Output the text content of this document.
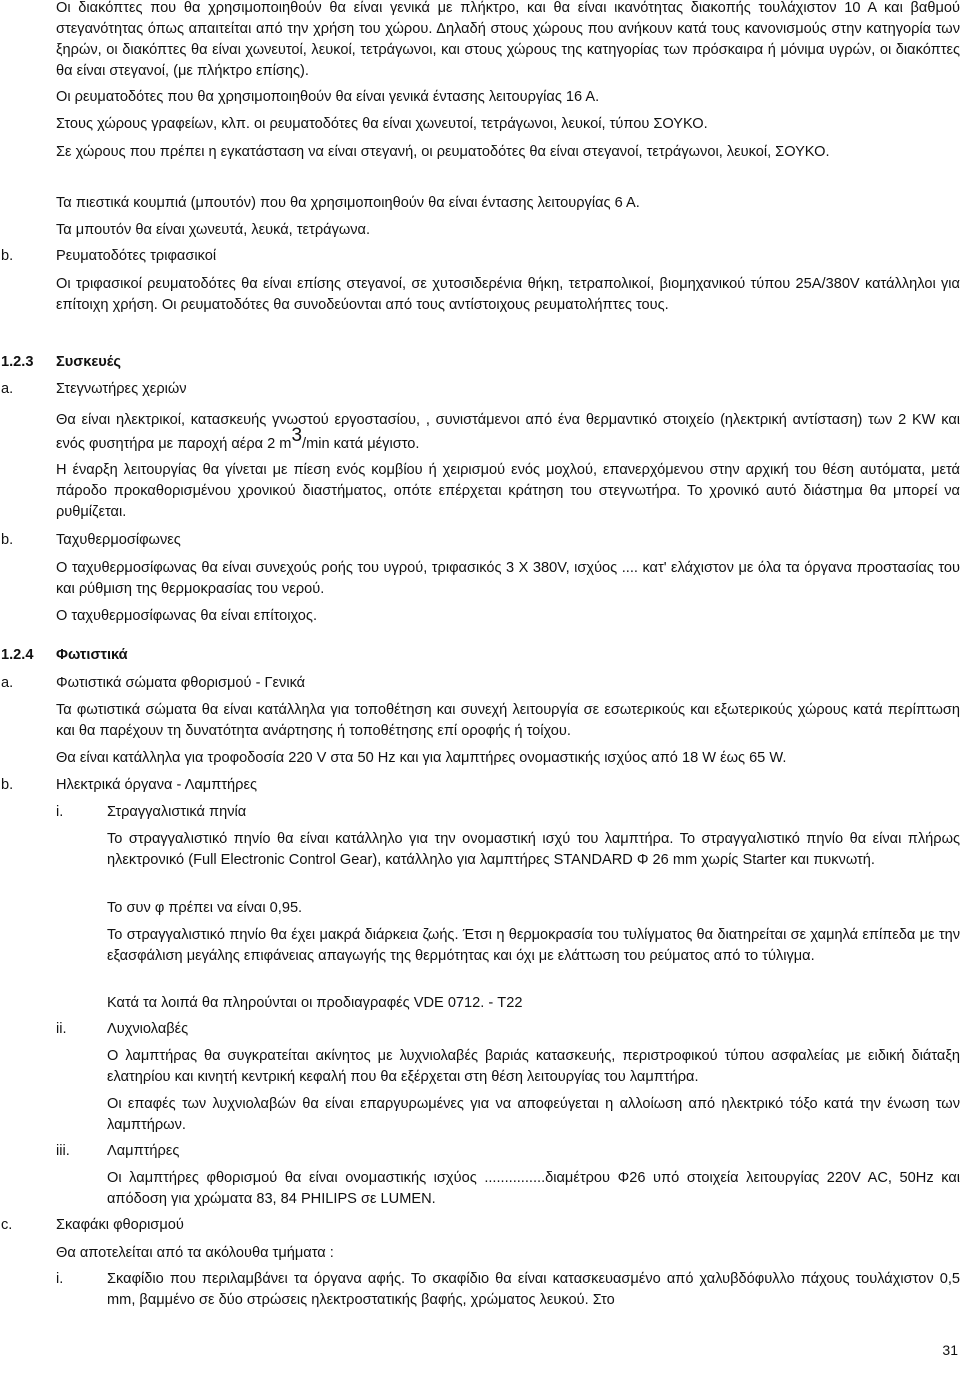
Οι διακόπτες που θα χρησιμοποιηθούν θα είναι γενικά με πλήκτρο, και θα είναι ικανότητας διακοπής τουλάχιστον 10 Α και βαθμού στεγανότητας όπως απαιτείται από την χρήση του χώρου. Δηλαδή στους χώρους που ανήκουν κατά τους κανονισμούς στην κατηγορία των ξηρών, οι διακόπτες θα είναι χωνευτοί, λευκοί, τετράγωνοι, και στους χώρους της κατηγορίας των πρόσκαιρα ή μόνιμα υγρών, οι διακόπτες θα είναι στεγανοί, (με πλήκτρο επίσης).

Οι ρευματοδότες που θα χρησιμοποιηθούν θα είναι γενικά έντασης λειτουργίας 16 Α.

Στους χώρους γραφείων, κλπ. οι ρευματοδότες θα είναι χωνευτοί, τετράγωνοι, λευκοί, τύπου ΣΟΥΚΟ.

Σε χώρους που πρέπει η εγκατάσταση να είναι στεγανή, οι ρευματοδότες θα είναι στεγανοί, τετράγωνοι, λευκοί, ΣΟΥΚΟ.

Τα πιεστικά κουμπιά (μπουτόν) που θα χρησιμοποιηθούν θα είναι έντασης λειτουργίας 6 Α.

Τα μπουτόν θα είναι χωνευτά, λευκά, τετράγωνα.

b.	Ρευματοδότες τριφασικοί

Οι τριφασικοί ρευματοδότες θα είναι επίσης στεγανοί, σε χυτοσιδερένια θήκη, τετραπολικοί, βιομηχανικού τύπου 25Α/380V κατάλληλοι για επίτοιχη χρήση. Οι ρευματοδότες θα συνοδεύονται από τους αντίστοιχους ρευματολήπτες τους.

1.2.3 Συσκευές

a.	Στεγνωτήρες χεριών

Θα είναι ηλεκτρικοί, κατασκευής γνωστού εργοστασίου, , συνιστάμενοι από ένα θερμαντικό στοιχείο (ηλεκτρική αντίσταση) των 2 KW και ενός φυσητήρα με παροχή αέρα 2 $m^3/\min$ κατά μέγιστο.

Η έναρξη λειτουργίας θα γίνεται με πίεση ενός κομβίου ή χειρισμού ενός μοχλού, επανερχόμενου στην αρχική του θέση αυτόματα, μετά πάροδο προκαθορισμένου χρονικού διαστήματος, οπότε επέρχεται κράτηση του στεγνωτήρα. Το χρονικό αυτό διάστημα θα μπορεί να ρυθμίζεται.

b.	Ταχυθερμοσίφωνες

Ο ταχυθερμοσίφωνας θα είναι συνεχούς ροής του υγρού, τριφασικός 3 Χ 380V, ισχύος .... κατ' ελάχιστον με όλα τα όργανα προστασίας του και ρύθμιση της θερμοκρασίας του νερού.

Ο ταχυθερμοσίφωνας θα είναι επίτοιχος.

1.2.4 Φωτιστικά

a.	Φωτιστικά σώματα φθορισμού - Γενικά

Τα φωτιστικά σώματα θα είναι κατάλληλα για τοποθέτηση και συνεχή λειτουργία σε εσωτερικούς και εξωτερικούς χώρους κατά περίπτωση και θα παρέχουν τη δυνατότητα ανάρτησης ή τοποθέτησης επί οροφής ή τοίχου.

Θα είναι κατάλληλα για τροφοδοσία 220 V στα 50 Hz και για λαμπτήρες ονομαστικής ισχύος από 18 W έως 65 W.

b.	Ηλεκτρικά όργανα - Λαμπτήρες

i.	Στραγγαλιστικά πηνία

Το στραγγαλιστικό πηνίο θα είναι κατάλληλο για την ονομαστική ισχύ του λαμπτήρα. Το στραγγαλιστικό πηνίο θα είναι πλήρως ηλεκτρονικό (Full Electronic Control Gear), κατάλληλο για λαμπτήρες STANDARD Φ 26 mm χωρίς Starter και πυκνωτή.

Το συν φ πρέπει να είναι 0,95.

Το στραγγαλιστικό πηνίο θα έχει μακρά διάρκεια ζωής. Έτσι η θερμοκρασία του τυλίγματος θα διατηρείται σε χαμηλά επίπεδα με την εξασφάλιση μεγάλης επιφάνειας απαγωγής της θερμότητας και όχι με ελάττωση του ρεύματος από το τύλιγμα.

Κατά τα λοιπά θα πληρούνται οι προδιαγραφές VDE 0712. - Τ22

ii.	Λυχνιολαβές

Ο λαμπτήρας θα συγκρατείται ακίνητος με λυχνιολαβές βαριάς κατασκευής, περιστροφικού τύπου ασφαλείας με ειδική διάταξη ελατηρίου και κινητή κεντρική κεφαλή που θα εξέρχεται στη θέση λειτουργίας του λαμπτήρα.

Οι επαφές των λυχνιολαβών θα είναι επαργυρωμένες για να αποφεύγεται η αλλοίωση από ηλεκτρικό τόξο κατά την ένωση των λαμπτήρων.

iii.	Λαμπτήρες

Οι λαμπτήρες φθορισμού θα είναι ονομαστικής ισχύος ...............διαμέτρου Φ26 υπό στοιχεία λειτουργίας 220V AC, 50Hz και απόδοση για χρώματα 83, 84 PHILIPS σε LUMEN.

c.	Σκαφάκι φθορισμού

Θα αποτελείται από τα ακόλουθα τμήματα :

i.	Σκαφίδιο που περιλαμβάνει τα όργανα αφής. Το σκαφίδιο θα είναι κατασκευασμένο από χαλυβδόφυλλο πάχους τουλάχιστον 0,5 mm, βαμμένο σε δύο στρώσεις ηλεκτροστατικής βαφής, χρώματος λευκού. Στο

31
